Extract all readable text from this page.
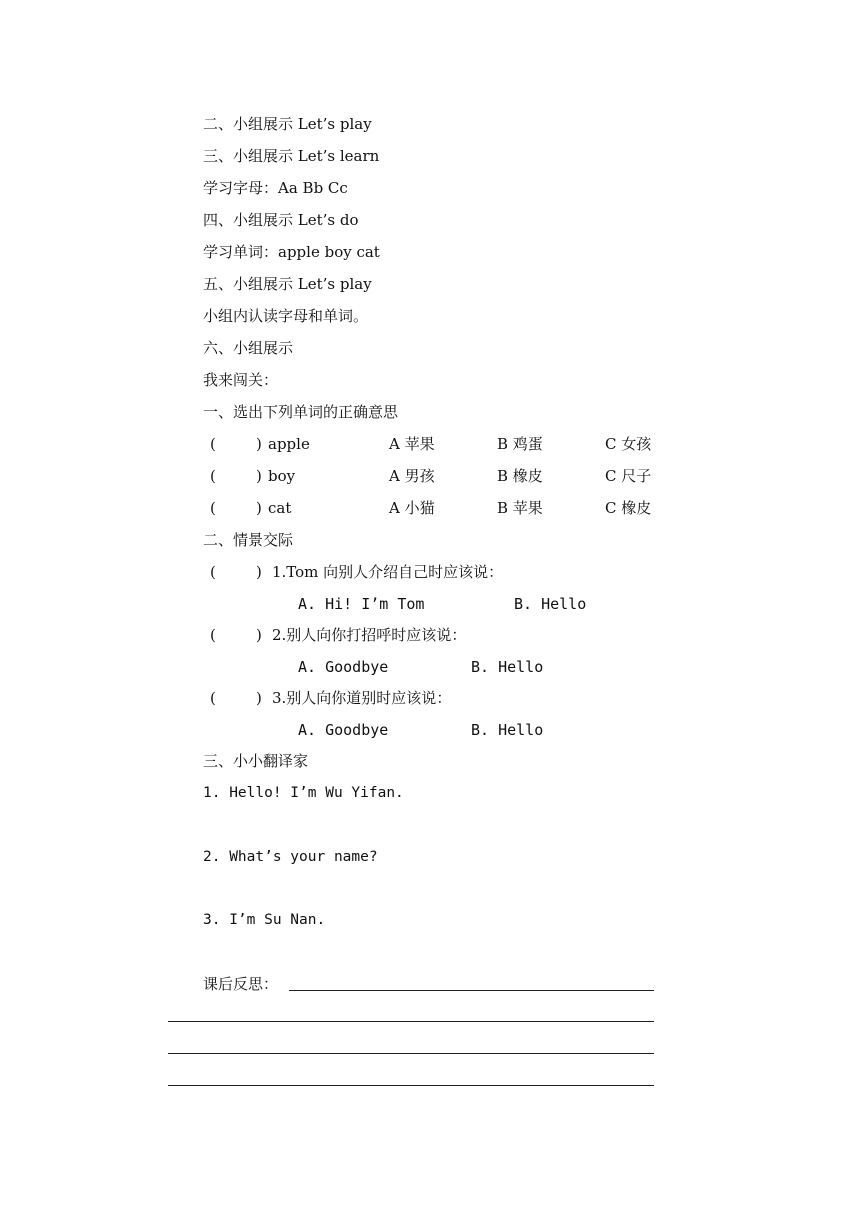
二、小组展示 Let’s play
三、小组展示 Let’s learn
学习字母：Aa Bb Cc
四、小组展示 Let’s do
学习单词：apple boy cat
五、小组展示 Let’s play
小组内认读字母和单词。
六、小组展示
我来闯关：
一、选出下列单词的正确意思
(	) apple	A 苹果	B 鸡蛋	C 女孩
(	) boy	A 男孩	B 橡皮	C 尺子
(	) cat	A 小猫	B 苹果	C 橡皮
二、情景交际
(	) 1.Tom 向别人介绍自己时应该说：
A. Hi! I’m Tom	B. Hello
(	) 2.别人向你打招呼时应该说：
A. Goodbye	B. Hello
(	) 3.别人向你道别时应该说：
A. Goodbye	B. Hello
三、小小翻译家
1. Hello! I’m Wu Yifan.
2. What’s your name?
3. I’m Su Nan.
课后反思：
